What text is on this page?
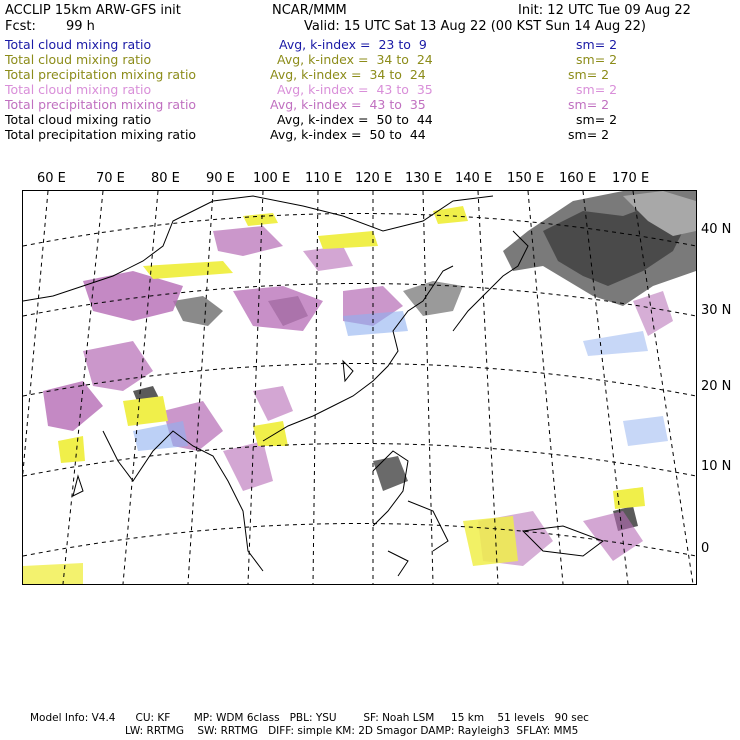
ACCLIP 15km ARW-GFS init	NCAR/MMM	Init: 12 UTC Tue 09 Aug 22
Fcst: 99 h	Valid: 15 UTC Sat 13 Aug 22 (00 KST Sun 14 Aug 22)
Total cloud mixing ratio	Avg, k-index =  23 to  9	sm= 2
Total cloud mixing ratio	Avg, k-index =  34 to  24	sm= 2
Total precipitation mixing ratio	Avg, k-index =  34 to  24	sm= 2
Total cloud mixing ratio	Avg, k-index =  43 to  35	sm= 2
Total precipitation mixing ratio	Avg, k-index =  43 to  35	sm= 2
Total cloud mixing ratio	Avg, k-index =  50 to  44	sm= 2
Total precipitation mixing ratio	Avg, k-index =  50 to  44	sm= 2
60 E 70 E 80 E 90 E 100 E 110 E 120 E 130 E 140 E 150 E 160 E 170 E
40 N
30 N
20 N
10 N
0
Model Info: V4.4      CU: KF       MP: WDM 6class   PBL: YSU        SF: Noah LSM     15 km    51 levels   90 sec
LW: RRTMG    SW: RRTMG   DIFF: simple KM: 2D Smagor DAMP: Rayleigh3  SFLAY: MM5
